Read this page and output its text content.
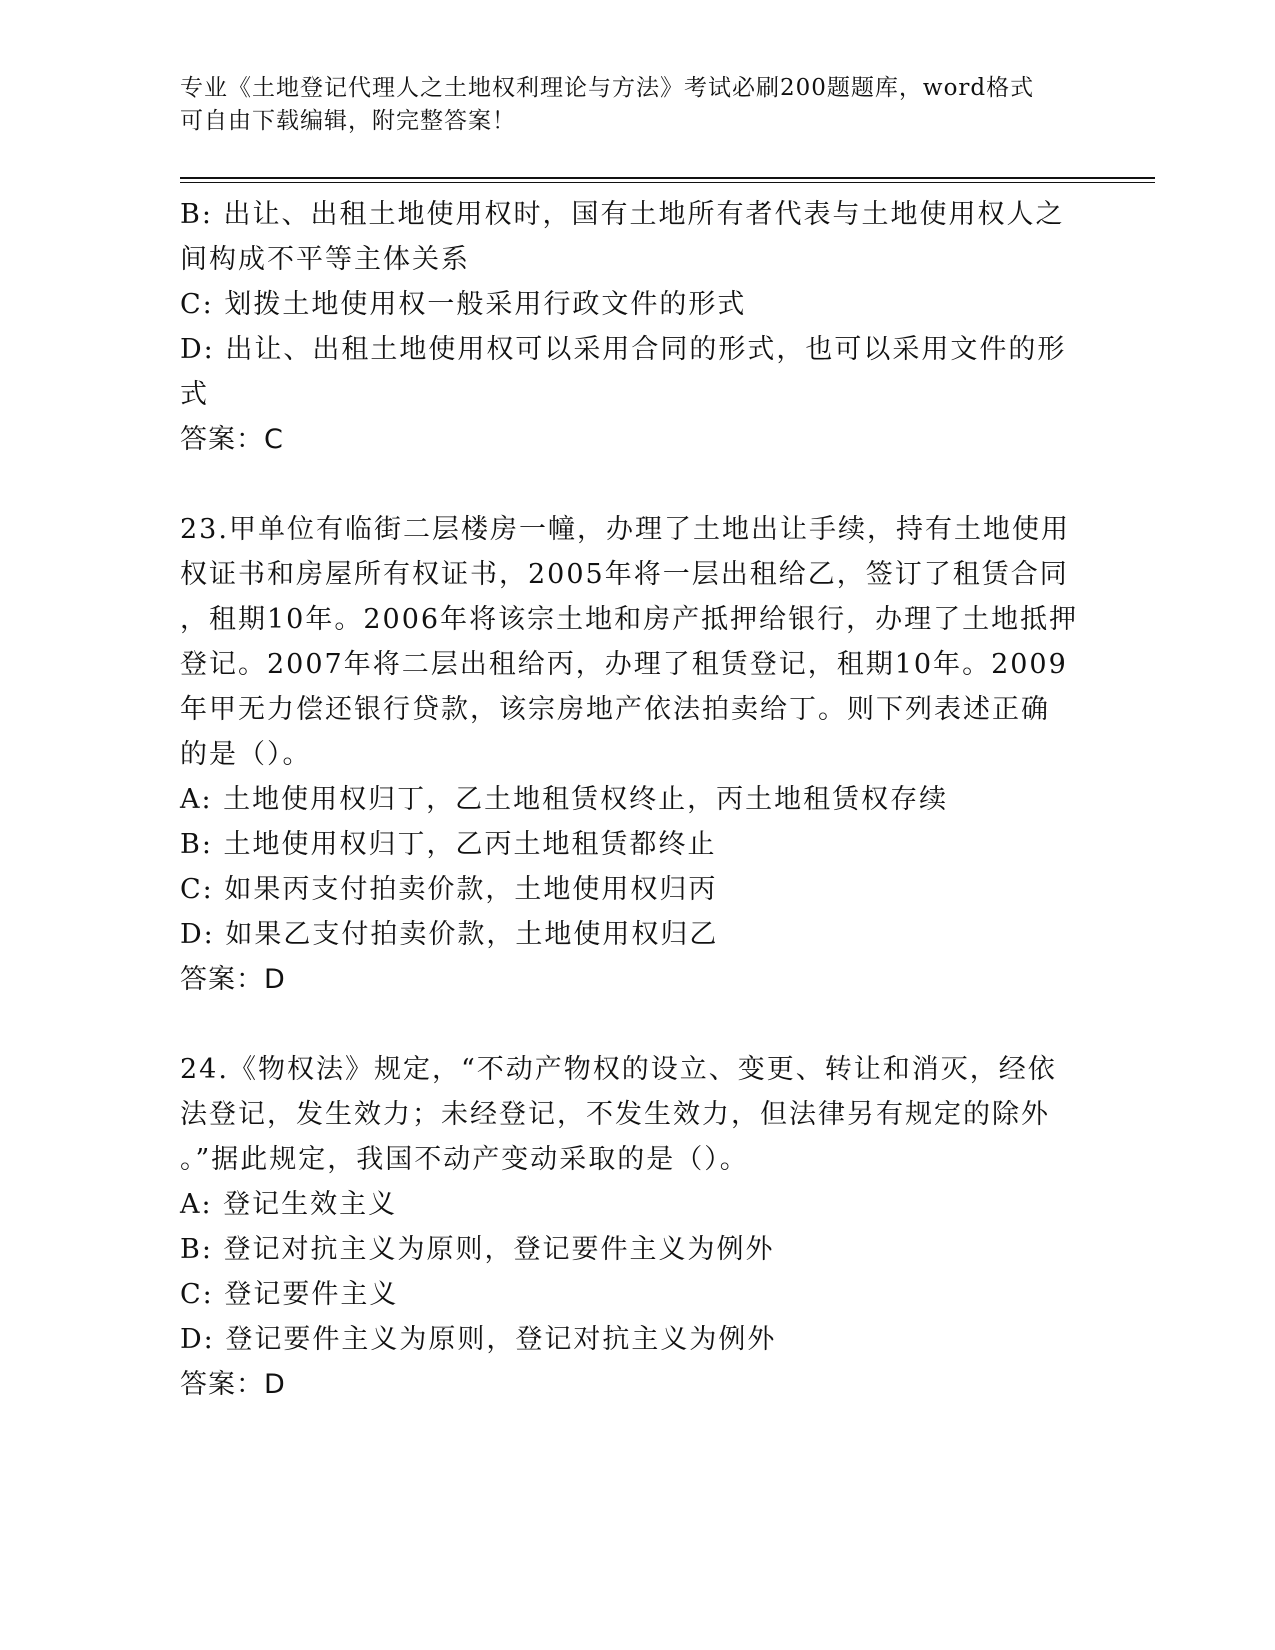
专业《土地登记代理人之土地权利理论与方法》考试必刷200题题库，word格式
可自由下载编辑，附完整答案！
B: 出让、出租土地使用权时，国有土地所有者代表与土地使用权人之
间构成不平等主体关系
C: 划拨土地使用权一般采用行政文件的形式
D: 出让、出租土地使用权可以采用合同的形式，也可以采用文件的形
式
答案：C
23.甲单位有临街二层楼房一幢，办理了土地出让手续，持有土地使用
权证书和房屋所有权证书，2005年将一层出租给乙，签订了租赁合同
，租期10年。2006年将该宗土地和房产抵押给银行，办理了土地抵押
登记。2007年将二层出租给丙，办理了租赁登记，租期10年。2009
年甲无力偿还银行贷款，该宗房地产依法拍卖给丁。则下列表述正确
的是（）。
A: 土地使用权归丁，乙土地租赁权终止，丙土地租赁权存续
B: 土地使用权归丁，乙丙土地租赁都终止
C: 如果丙支付拍卖价款，土地使用权归丙
D: 如果乙支付拍卖价款，土地使用权归乙
答案：D
24.《物权法》规定，“不动产物权的设立、变更、转让和消灭，经依
法登记，发生效力；未经登记，不发生效力，但法律另有规定的除外
。”据此规定，我国不动产变动采取的是（）。
A: 登记生效主义
B: 登记对抗主义为原则，登记要件主义为例外
C: 登记要件主义
D: 登记要件主义为原则，登记对抗主义为例外
答案：D
